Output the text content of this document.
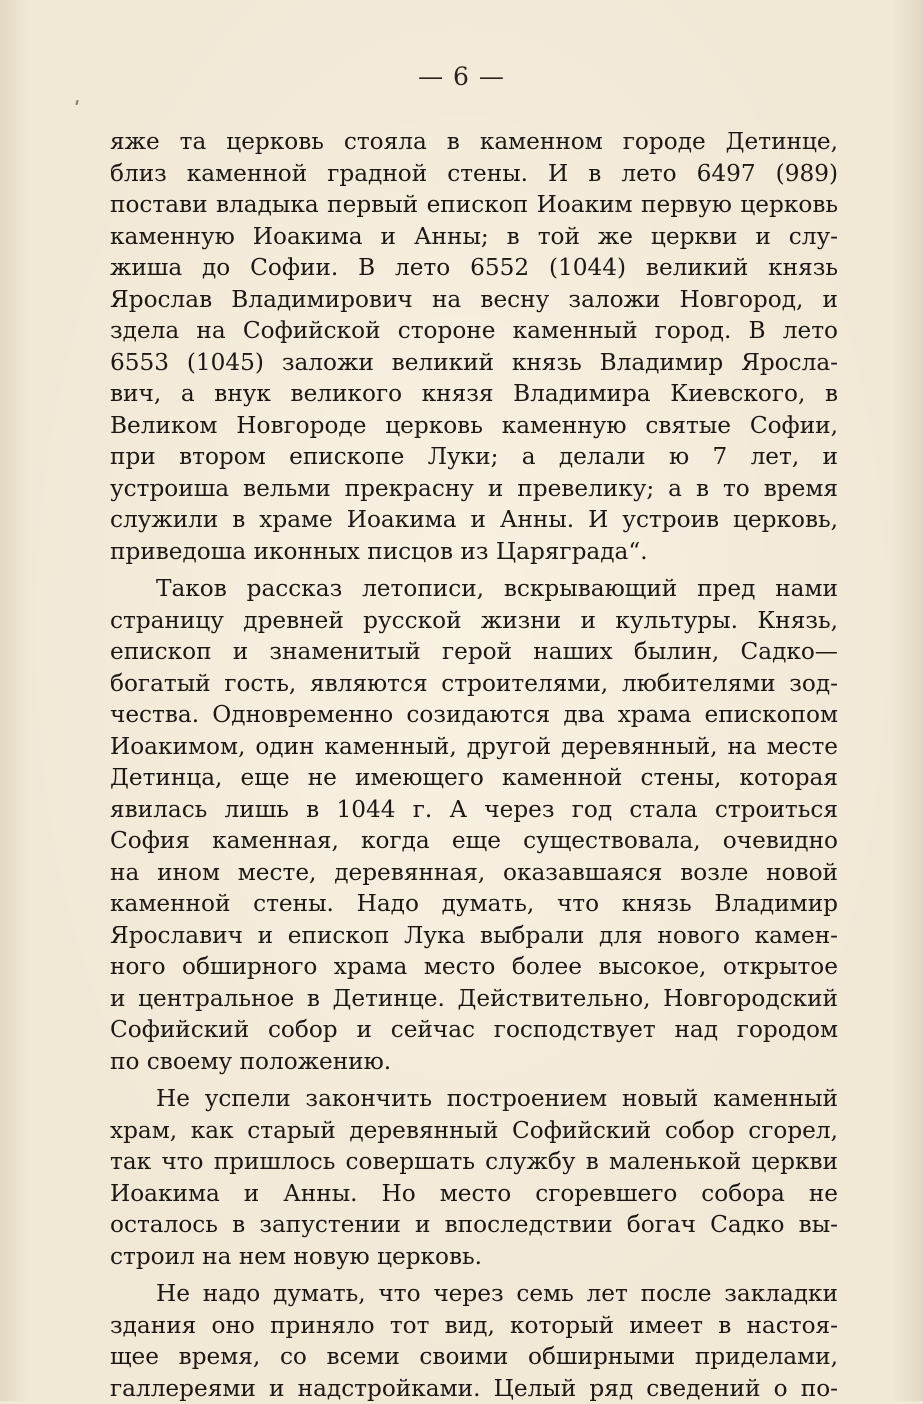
— 6 —
яже та церковь стояла в каменном городе Детинце,
близ каменной градной стены. И в лето 6497 (989)
постави владыка первый епископ Иоаким первую церковь
каменную Иоакима и Анны; в той же церкви и слу-
жиша до Софии. В лето 6552 (1044) великий князь
Ярослав Владимирович на весну заложи Новгород, и
здела на Софийской стороне каменный город. В лето
6553 (1045) заложи великий князь Владимир Яросла-
вич, а внук великого князя Владимира Киевского, в
Великом Новгороде церковь каменную святые Софии,
при втором епископе Луки; а делали ю 7 лет, и
устроиша вельми прекрасну и превелику; а в то время
служили в храме Иоакима и Анны. И устроив церковь,
приведоша иконных писцов из Царяграда“.
Таков рассказ летописи, вскрывающий пред нами
страницу древней русской жизни и культуры. Князь,
епископ и знаменитый герой наших былин, Садко—
богатый гость, являются строителями, любителями зод-
чества. Одновременно созидаются два храма епископом
Иоакимом, один каменный, другой деревянный, на месте
Детинца, еще не имеющего каменной стены, которая
явилась лишь в 1044 г. А через год стала строиться
София каменная, когда еще существовала, очевидно
на ином месте, деревянная, оказавшаяся возле новой
каменной стены. Надо думать, что князь Владимир
Ярославич и епископ Лука выбрали для нового камен-
ного обширного храма место более высокое, открытое
и центральное в Детинце. Действительно, Новгородский
Софийский собор и сейчас господствует над городом
по своему положению.
Не успели закончить построением новый каменный
храм, как старый деревянный Софийский собор сгорел,
так что пришлось совершать службу в маленькой церкви
Иоакима и Анны. Но место сгоревшего собора не
осталось в запустении и впоследствии богач Садко вы-
строил на нем новую церковь.
Не надо думать, что через семь лет после закладки
здания оно приняло тот вид, который имеет в настоя-
щее время, со всеми своими обширными приделами,
галлереями и надстройками. Целый ряд сведений о по-
